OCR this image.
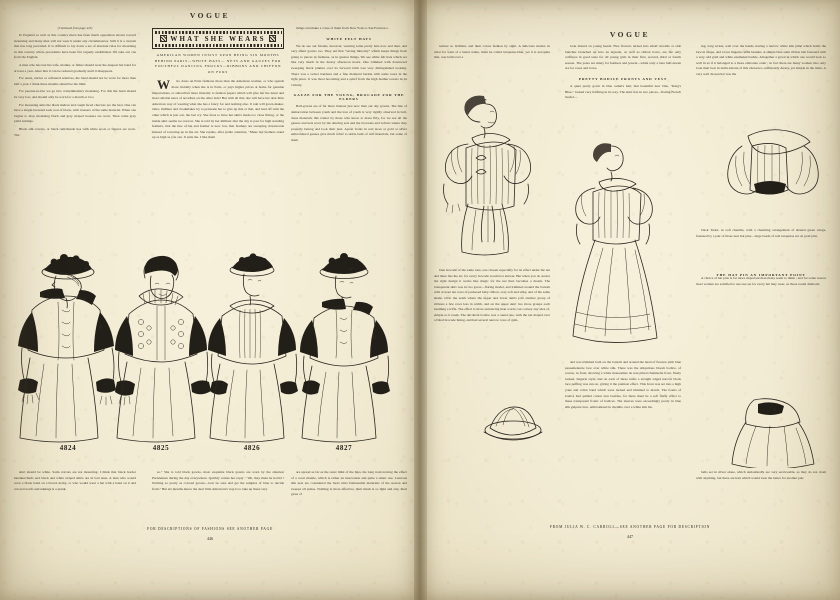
VOGUE
(Continued from page 425)

In England as well as this country there has been much opposition shown toward mourning and many men will not wear it under any circumstances. Still it is a custom that has long prevailed. It is difficult to lay down a set of absolute rules for mourning in this country where precedents have been but vaguely established. We take our cue from the English.

A man who has lost his wife, mother, or father should wear the deepest but band for at least a year. After that it can be reduced gradually until it disappears.

For aunts, uncles or collateral relatives, the band should not be worn for more than half a year. I think three months should be the limit.

For parents-in-law we go into complimentary mourning. For this the band should be very low, and should only be worn for a month or two.

For mourning suits the black melton and rough faced cheviots are the best. One can have a single-breasted sack coat of black, with trousers of the same material. When one begins to drop mourning black and gray striped trousers are worn. Then come gray plaid suitings.

Black silk cravats, or black ramchunda ties with white spots or figures are worn. The

WHAT SHE WEARS
AMERICAN WOMEN INSIST UPON BEING SIX MONTHS BEHIND PARIS—WHITE HATS— NETS AND GAUZES FOR YOUTHFUL DANCING FROCKS—RIBBONS AND CHIFFON ON FURS

Who dotes on Paris fashions more than the American woman, or who spends more lavishly when she is in Paris, or pays higher prices at home for genuine importations, or subscribes more liberally to fashion papers which will give her the latest and most reliable news of novelties on the other side? But with all this, she will have her dear little American way of wearing what she has a fancy for and nothing else. It rain will gown-maker, tailor, milliner and cloakmaker try to persuade her to give up this or that, and lead off with the other which is just out, the last cry. She fears to have her skirts made too close fitting, or the inside skirt seems too narrow. She is told by her milliner that the day is past for high standing feathers, that the line of hat and feather is now low, that feathers are sweeping downwards instead of towering up in the air. She replies, after polite attention, "Make my feathers stand up as high as you can. It suits me. I like them

things and make a cruse of them from New York to San Francisco.

WHITE FELT HATS

We do see our friends, however, wearing some pretty hats now and then, and very smart gowns too. They are that "saving minority" which keeps things from going to pieces in fashions, as in greater things. We see white felt hats which we like very much in the dressy afternoon hours. One trimmed with downward sweeping black plumes over its forward brim was very distinguished looking. There was a velvet bandeau and a fine diamond buckle with some roses in the right place. It was most becoming and a relief from the high feather towers in its vicinity.

GAUZE FOR THE YOUNG, BROCADE FOR THE ELDERS

Ball-gowns are of far more interest just now than our day gowns. The line of demarcation between youth and the loss of youth is very rigidly observed in ball-dress materials this winter by those who know to dress fitly, for we see all the gauzes and nets worn by the dancing sets and the brocades and velvets where they properly belong and look their best. Apron fronts in real laces or gold or silver embroidered gauzes give much relief to skirts built of rich materials, but some of them

4824	4825	4826	4827

shirt should be white. Satin cravats are not mourning. I think that black border handkerchiefs and black and white striped shirts are in bad taste. A man who would wear a black band on a brown derby, or who would wear a hat with a band on it and colored scarfs and nakings is a prank.

so." She is told black gowns, most exquisite black gowns are worn by the smartest Parisiennes during the day everywhere. Quickly comes her reply : "Oh, they must be horrid ! Nothing so pretty as colored gowns—now be sure and get the samples of blue to decide from." But six months hence the dear little American's way is to take up these very

are spread as far as the outer limit of the hips, the long train leaving the effect of a court mantle, which is rather an innovation and quite a smart one. Lustrous silk nets are considered the most ultra fashionable materials of the season and sweeps all praise. Nothing is more effective, their mesh is so light and airy, their gloss of

FOR DESCRIPTIONS OF FASHIONS SEE ANOTHER PAGE
446
VOGUE

texture so brilliant, and their colors fashion by sight. A delicious model, in what for want of a better name, must be called turquoise-blue, yet it is not/quite that, was built over a

look absurd on young heads. Fine flowers turned into small wreaths or side bunches branched up into an aigrette, as well as ribbon bows, are the only coiffures in good taste for all young girls in their first, second, third or fourth season. The years are many for feathers and jewels—while only a bare half-dozen are for roses and bows.

PRETTY BODICE FRONTS AND VEST

A quiet pretty gown in blue camel's hair, that beautiful new blue, "King's Blue," looked very fetching in its way. The skirt was in two pieces—flaring French model—

ing, long wrists, well over the hands, having a narrow white silk pliné which holds the lace in shape, and a lace lingerie ruffle besides. A simple blue satin ribbon belt fastened with a very odd gold and white enameled buckle. Altogether a gown in which one would look so well in as if it belonged to a more elaborate order ; in fact there are many women who only look their best in demi-toilette of this character, sufficiently dressy, yet simple in the main. A very well chosen hat was the

blue brocade of the same tone, one chosen especially for its effect under the net and there lies the art, for every brocade would not answer. But when you do secure the right design it works like magic for the net then becomes a dream. The transparent skirt was in two gores—flaring model, and trimmed around the bottom with at least ten rows of puckered baby ribbon, very soft and silky, and of the same shade. Over the seam where the upper and lower skirts join another group of ribbons a few rows less in width, and on the upper skirt two more groups each beaming a trifle. The effect is more entrancing than words can convey any idea of, simple so it reads. The décolleté bodice was a round one, with the net draped over a fitted brocade lining, and had several narrow rows of gath-

and was trimmed both on the bottom and around the head of flounce with blue passementerie lace over white silk. There was the ubiquitous bloom bodice, of course, in front, showing a white mousseline de soie plited chemisette front, finely tucked, lingerie style, and on each of these tucks a straight edged narrow black lace puffing was run on, giving it the prettiest effect. This front was set into a high yoke and collar band which were tucked and trimmed to match. The fronts of bodice had quilled cotton lace besides, for there must be a soft fluffy effect to these transparent fronts of bodices. The sleeves were exceedingly pretty in blue silk guipure lace, embroidered in chenille over a white silk lin-

black Tudor, in soft chenille, with a charming arrangement of shaded green wings, fastened by a pair of those new hat pins—large beads of real turquoise set on gold pins.

THE HAT PIN AN IMPORTANT POINT

A choice of hat pins is far more important than many seem to think ; and for some reason most women are satisfied to use one set for every hat they wear, as those round diamond

balls set in silver alone, which undoubtedly are very serviceable, as they do not clash with anything, but there are hats which would look the better for another pair.

FROM JULIA W. C. CARROLL—SEE ANOTHER PAGE FOR DESCRIPTION
447
